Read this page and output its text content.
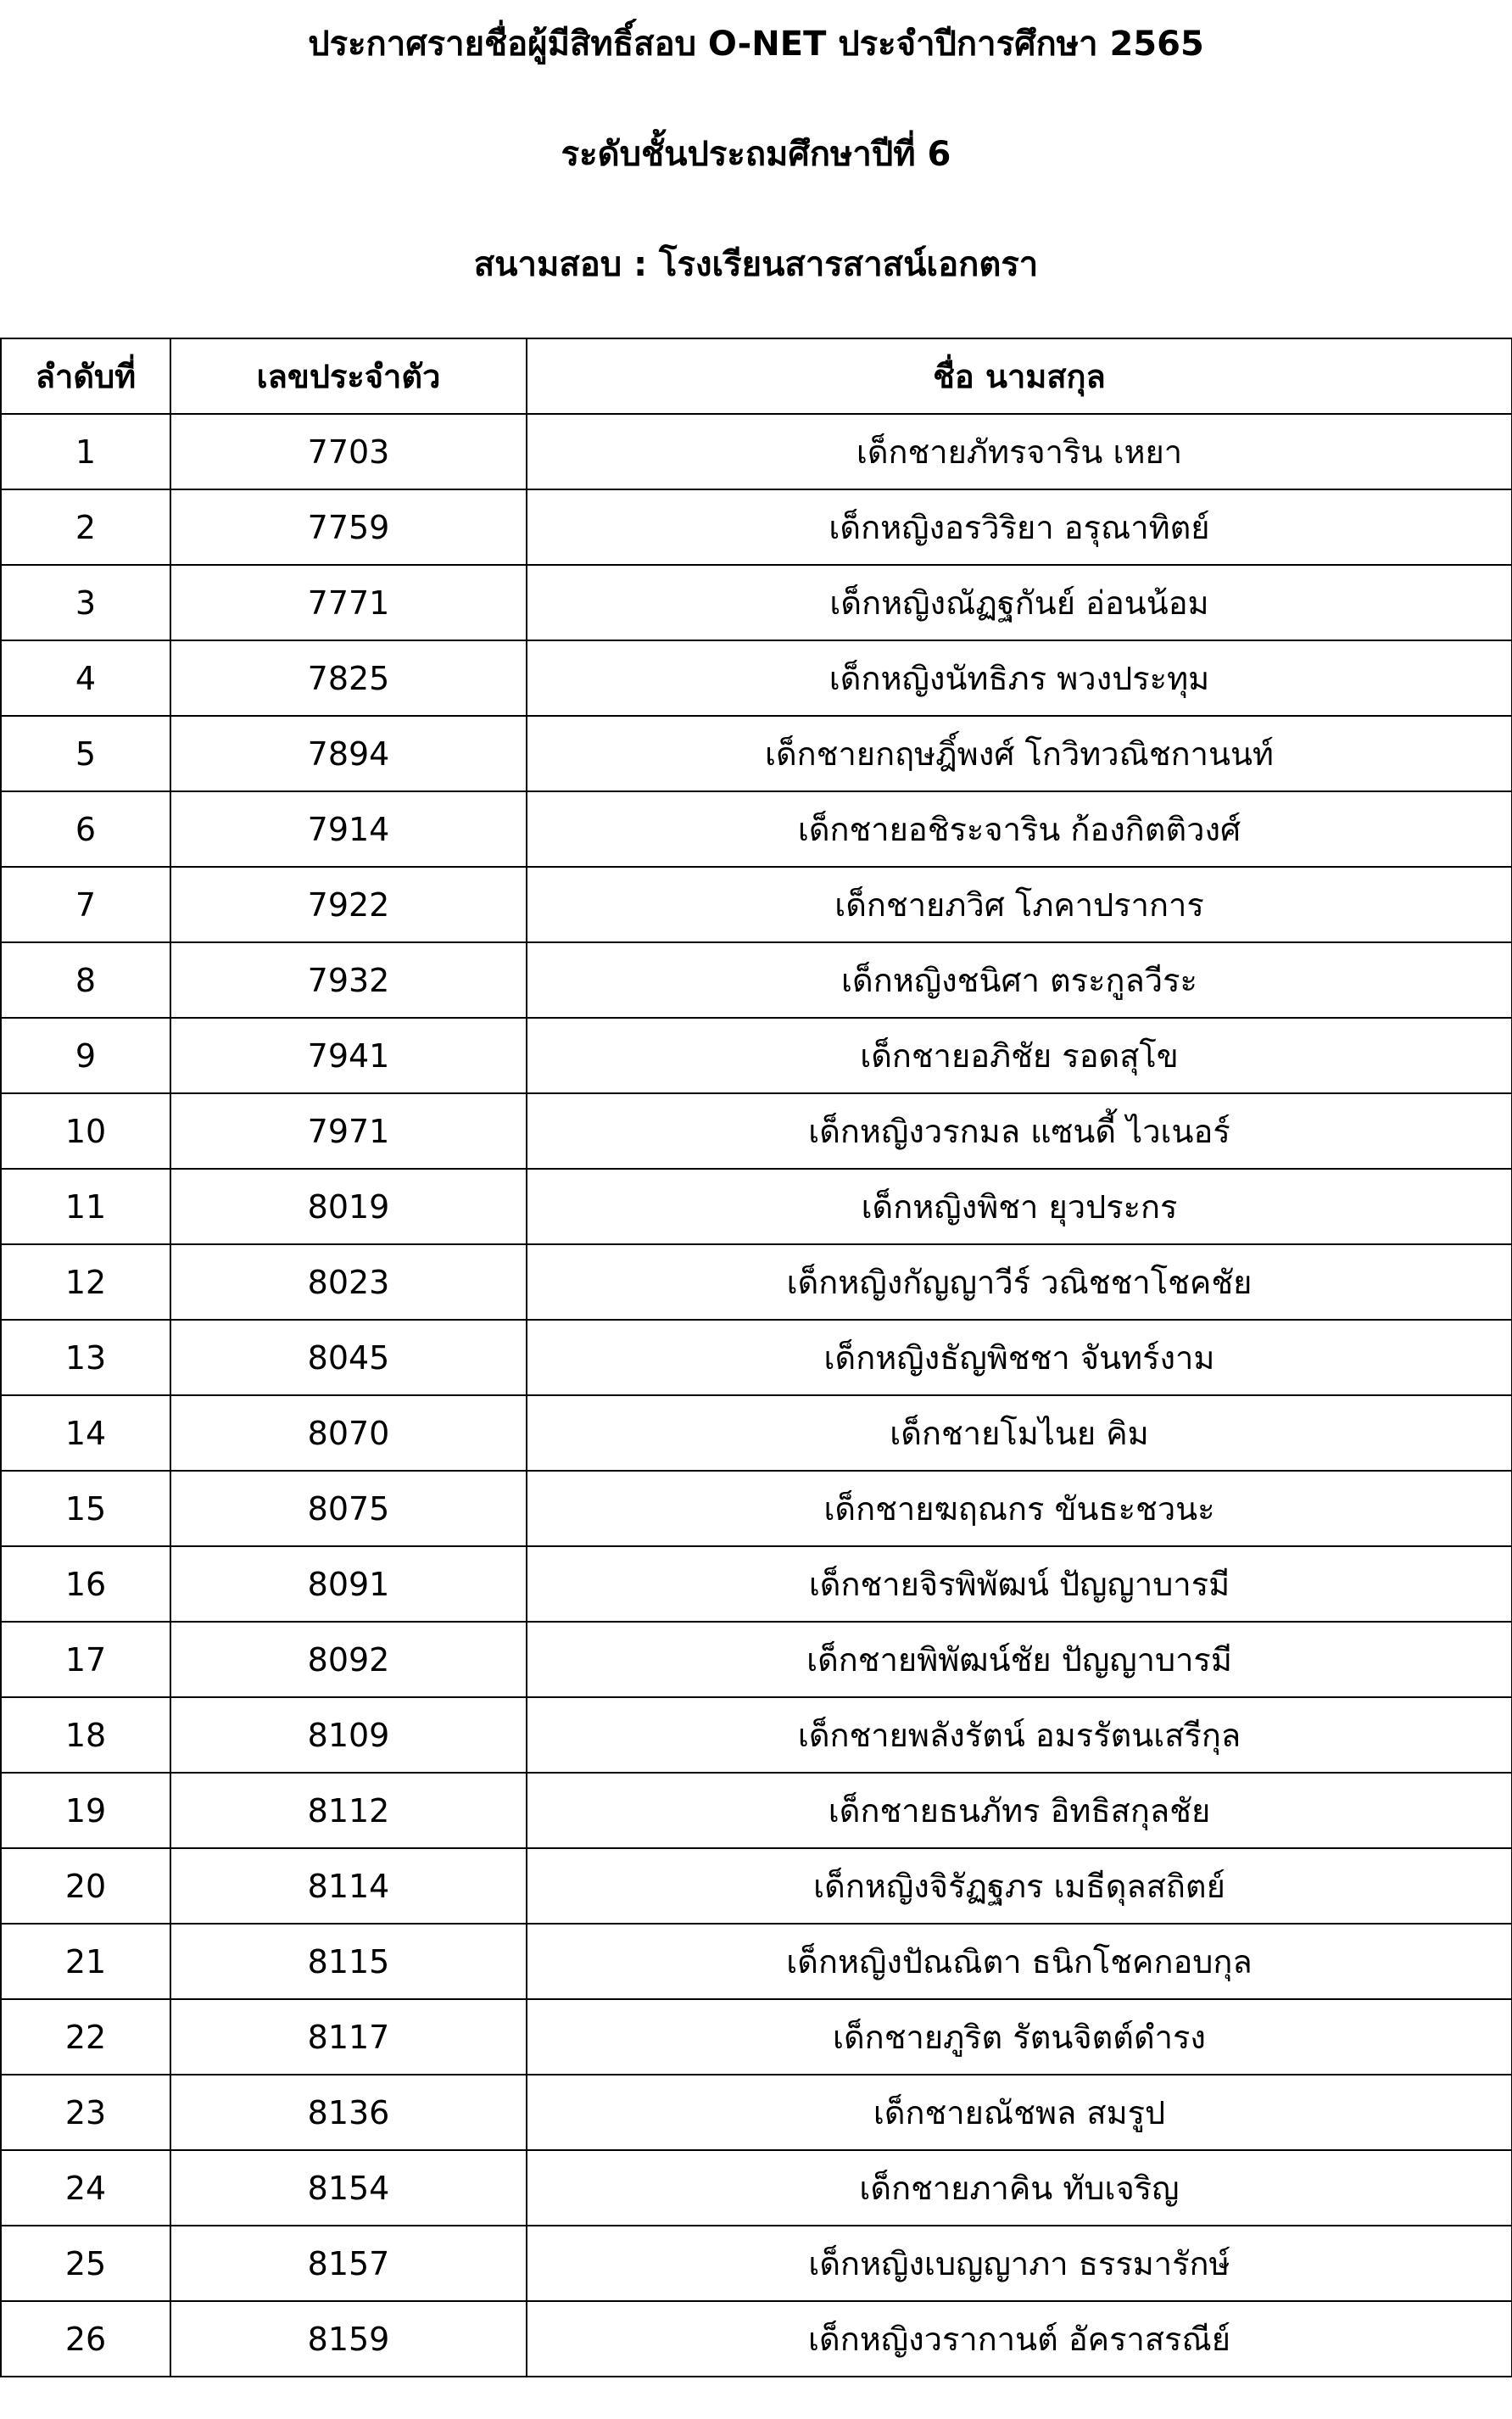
ประกาศรายชื่อผู้มีสิทธิ์สอบ O-NET ประจำปีการศึกษา 2565
ระดับชั้นประถมศึกษาปีที่ 6
สนามสอบ : โรงเรียนสารสาสน์เอกตรา
ลำดับที่	เลขประจำตัว	ชื่อ นามสกุล
1	7703	เด็กชายภัทรจาริน เหยา
2	7759	เด็กหญิงอรวิริยา อรุณาทิตย์
3	7771	เด็กหญิงณัฏฐกันย์ อ่อนน้อม
4	7825	เด็กหญิงนัทธิภร พวงประทุม
5	7894	เด็กชายกฤษฎิ์พงศ์ โกวิทวณิชกานนท์
6	7914	เด็กชายอชิระจาริน ก้องกิตติวงศ์
7	7922	เด็กชายภวิศ โภคาปราการ
8	7932	เด็กหญิงชนิศา ตระกูลวีระ
9	7941	เด็กชายอภิชัย รอดสุโข
10	7971	เด็กหญิงวรกมล แซนดี้ ไวเนอร์
11	8019	เด็กหญิงพิชา ยุวประกร
12	8023	เด็กหญิงกัญญาวีร์ วณิชชาโชคชัย
13	8045	เด็กหญิงธัญพิชชา จันทร์งาม
14	8070	เด็กชายโมไนย คิม
15	8075	เด็กชายฆฤณกร ขันธะชวนะ
16	8091	เด็กชายจิรพิพัฒน์ ปัญญาบารมี
17	8092	เด็กชายพิพัฒน์ชัย ปัญญาบารมี
18	8109	เด็กชายพลังรัตน์ อมรรัตนเสรีกุล
19	8112	เด็กชายธนภัทร อิทธิสกุลชัย
20	8114	เด็กหญิงจิรัฏฐภร เมธีดุลสถิตย์
21	8115	เด็กหญิงปัณณิตา ธนิกโชคกอบกุล
22	8117	เด็กชายภูริต รัตนจิตต์ดำรง
23	8136	เด็กชายณัชพล สมรูป
24	8154	เด็กชายภาคิน ทับเจริญ
25	8157	เด็กหญิงเบญญาภา ธรรมารักษ์
26	8159	เด็กหญิงวรากานต์ อัคราสรณีย์
